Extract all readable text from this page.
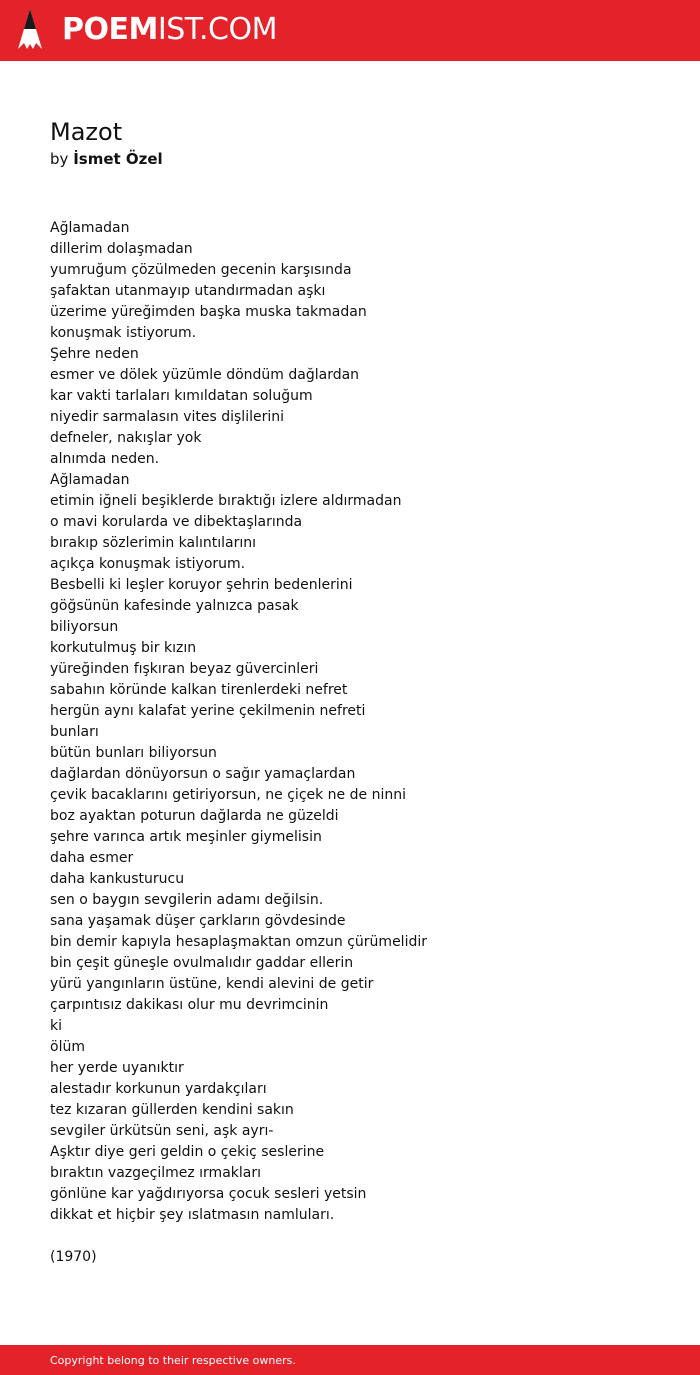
POEMIST.COM
Mazot
by İsmet Özel
Ağlamadan
dillerim dolaşmadan
yumruğum çözülmeden gecenin karşısında
şafaktan utanmayıp utandırmadan aşkı
üzerime yüreğimden başka muska takmadan
konuşmak istiyorum.
Şehre neden
esmer ve dölek yüzümle döndüm dağlardan
kar vakti tarlaları kımıldatan soluğum
niyedir sarmalasın vites dişlilerini
defneler, nakışlar yok
alnımda neden.
Ağlamadan
etimin iğneli beşiklerde bıraktığı izlere aldırmadan
o mavi korularda ve dibektaşlarında
bırakıp sözlerimin kalıntılarını
açıkça konuşmak istiyorum.
Besbelli ki leşler koruyor şehrin bedenlerini
göğsünün kafesinde yalnızca pasak
biliyorsun
korkutulmuş bir kızın
yüreğinden fışkıran beyaz güvercinleri
sabahın köründe kalkan tirenlerdeki nefret
hergün aynı kalafat yerine çekilmenin nefreti
bunları
bütün bunları biliyorsun
dağlardan dönüyorsun o sağır yamaçlardan
çevik bacaklarını getiriyorsun, ne çiçek ne de ninni
boz ayaktan poturun dağlarda ne güzeldi
şehre varınca artık meşinler giymelisin
daha esmer
daha kankusturucu
sen o baygın sevgilerin adamı değilsin.
sana yaşamak düşer çarkların gövdesinde
bin demir kapıyla hesaplaşmaktan omzun çürümelidir
bin çeşit güneşle ovulmalıdır gaddar ellerin
yürü yangınların üstüne, kendi alevini de getir
çarpıntısız dakikası olur mu devrimcinin
ki
ölüm
her yerde uyanıktır
alestadır korkunun yardakçıları
tez kızaran güllerden kendini sakın
sevgiler ürkütsün seni, aşk ayrı-
Aşktır diye geri geldin o çekiç seslerine
bıraktın vazgeçilmez ırmakları
gönlüne kar yağdırıyorsa çocuk sesleri yetsin
dikkat et hiçbir şey ıslatmasın namluları.
(1970)
Copyright belong to their respective owners.
